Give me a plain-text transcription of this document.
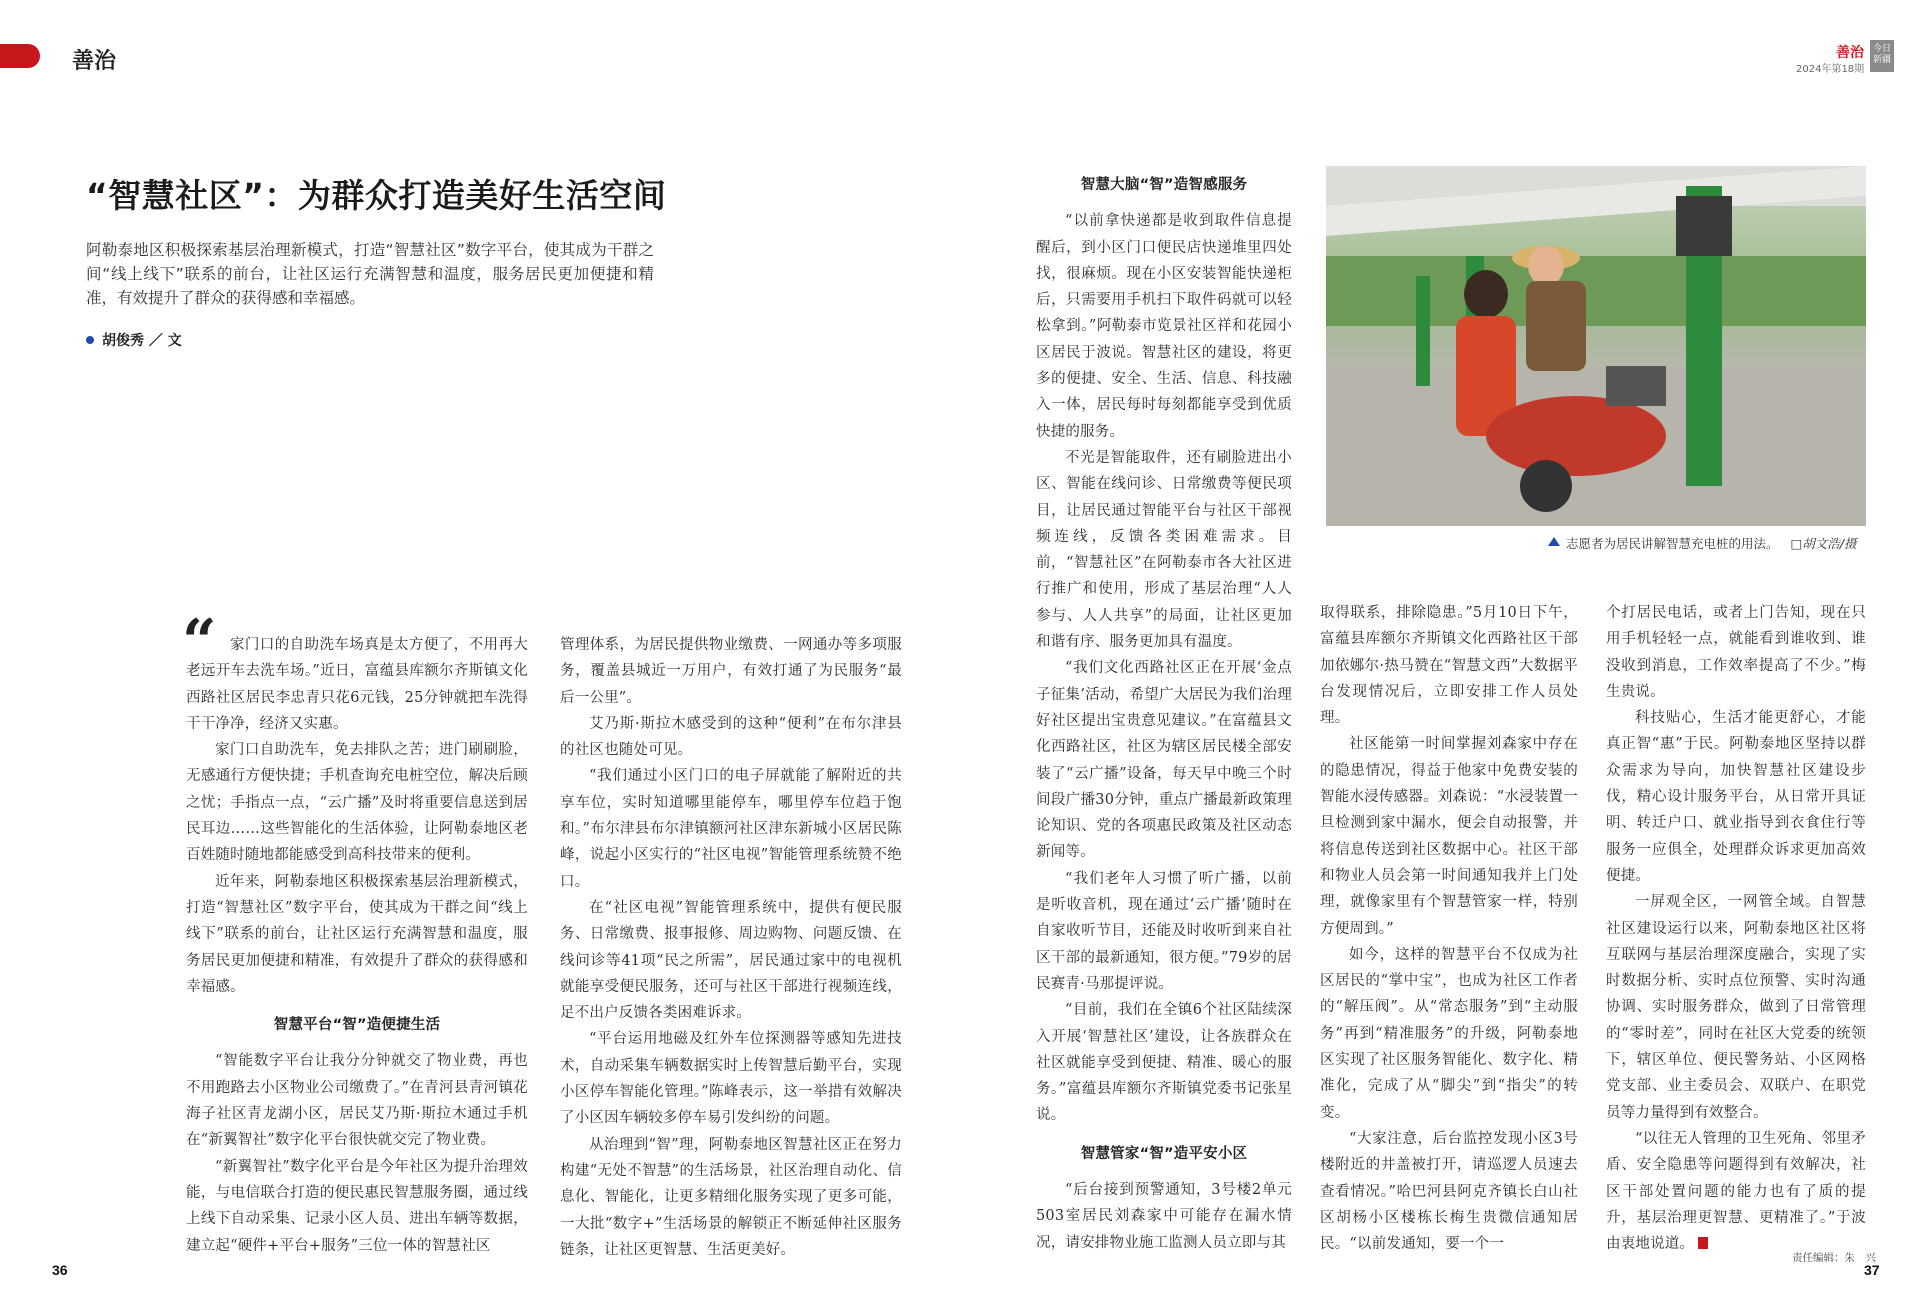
善治	善治
2024年第18期
今日新疆
“智慧社区”：为群众打造美好生活空间
阿勒泰地区积极探索基层治理新模式，打造“智慧社区”数字平台，使其成为干群之间“线上线下”联系的前台，让社区运行充满智慧和温度，服务居民更加便捷和精准，有效提升了群众的获得感和幸福感。
胡俊秀 ／ 文
“ 家门口的自助洗车场真是太方便了，不用再大老远开车去洗车场。”近日，富蕴县库额尔齐斯镇文化西路社区居民李忠青只花6元钱，25分钟就把车洗得干干净净，经济又实惠。

家门口自助洗车，免去排队之苦；进门刷刷脸，无感通行方便快捷；手机查询充电桩空位，解决后顾之忧；手指点一点，“云广播”及时将重要信息送到居民耳边……这些智能化的生活体验，让阿勒泰地区老百姓随时随地都能感受到高科技带来的便利。

近年来，阿勒泰地区积极探索基层治理新模式，打造“智慧社区”数字平台，使其成为干群之间“线上线下”联系的前台，让社区运行充满智慧和温度，服务居民更加便捷和精准，有效提升了群众的获得感和幸福感。

智慧平台“智”造便捷生活

“智能数字平台让我分分钟就交了物业费，再也不用跑路去小区物业公司缴费了。”在青河县青河镇花海子社区青龙湖小区，居民艾乃斯·斯拉木通过手机在“新翼智社”数字化平台很快就交完了物业费。

“新翼智社”数字化平台是今年社区为提升治理效能，与电信联合打造的便民惠民智慧服务圈，通过线上线下自动采集、记录小区人员、进出车辆等数据，建立起“硬件+平台+服务”三位一体的智慧社区

管理体系，为居民提供物业缴费、一网通办等多项服务，覆盖县城近一万用户，有效打通了为民服务“最后一公里”。

艾乃斯·斯拉木感受到的这种“便利”在布尔津县的社区也随处可见。

“我们通过小区门口的电子屏就能了解附近的共享车位，实时知道哪里能停车，哪里停车位趋于饱和。”布尔津县布尔津镇额河社区津东新城小区居民陈峰，说起小区实行的“社区电视”智能管理系统赞不绝口。

在“社区电视”智能管理系统中，提供有便民服务、日常缴费、报事报修、周边购物、问题反馈、在线问诊等41项“民之所需”，居民通过家中的电视机就能享受便民服务，还可与社区干部进行视频连线，足不出户反馈各类困难诉求。

“平台运用地磁及红外车位探测器等感知先进技术，自动采集车辆数据实时上传智慧后勤平台，实现小区停车智能化管理。”陈峰表示，这一举措有效解决了小区因车辆较多停车易引发纠纷的问题。

从治理到“智”理，阿勒泰地区智慧社区正在努力构建“无处不智慧”的生活场景，社区治理自动化、信息化、智能化，让更多精细化服务实现了更多可能，一大批“数字+”生活场景的解锁正不断延伸社区服务链条，让社区更智慧、生活更美好。

智慧大脑“智”造智感服务

“以前拿快递都是收到取件信息提醒后，到小区门口便民店快递堆里四处找，很麻烦。现在小区安装智能快递柜后，只需要用手机扫下取件码就可以轻松拿到。”阿勒泰市览景社区祥和花园小区居民于波说。智慧社区的建设，将更多的便捷、安全、生活、信息、科技融入一体，居民每时每刻都能享受到优质快捷的服务。

不光是智能取件，还有刷脸进出小区、智能在线问诊、日常缴费等便民项目，让居民通过智能平台与社区干部视频连线，反馈各类困难需求。目前，“智慧社区”在阿勒泰市各大社区进行推广和使用，形成了基层治理“人人参与、人人共享”的局面，让社区更加和谐有序、服务更加具有温度。

“我们文化西路社区正在开展‘金点子征集’活动，希望广大居民为我们治理好社区提出宝贵意见建议。”在富蕴县文化西路社区，社区为辖区居民楼全部安装了“云广播”设备，每天早中晚三个时间段广播30分钟，重点广播最新政策理论知识、党的各项惠民政策及社区动态新闻等。

“我们老年人习惯了听广播，以前是听收音机，现在通过‘云广播’随时在自家收听节目，还能及时收听到来自社区干部的最新通知，很方便。”79岁的居民赛青·马那提评说。

“目前，我们在全镇6个社区陆续深入开展‘智慧社区’建设，让各族群众在社区就能享受到便捷、精准、暖心的服务。”富蕴县库额尔齐斯镇党委书记张星说。

智慧管家“智”造平安小区

“后台接到预警通知，3号楼2单元503室居民刘森家中可能存在漏水情况，请安排物业施工监测人员立即与其

志愿者为居民讲解智慧充电桩的用法。 □胡文浩/摄

取得联系，排除隐患。”5月10日下午，富蕴县库额尔齐斯镇文化西路社区干部加依娜尔·热马赞在“智慧文西”大数据平台发现情况后，立即安排工作人员处理。

社区能第一时间掌握刘森家中存在的隐患情况，得益于他家中免费安装的智能水浸传感器。刘森说：“水浸装置一旦检测到家中漏水，便会自动报警，并将信息传送到社区数据中心。社区干部和物业人员会第一时间通知我并上门处理，就像家里有个智慧管家一样，特别方便周到。”

如今，这样的智慧平台不仅成为社区居民的“掌中宝”，也成为社区工作者的“解压阀”。从“常态服务”到“主动服务”再到“精准服务”的升级，阿勒泰地区实现了社区服务智能化、数字化、精准化，完成了从“脚尖”到“指尖”的转变。

“大家注意，后台监控发现小区3号楼附近的井盖被打开，请巡逻人员速去查看情况。”哈巴河县阿克齐镇长白山社区胡杨小区楼栋长梅生贵微信通知居民。“以前发通知，要一个一

个打居民电话，或者上门告知，现在只用手机轻轻一点，就能看到谁收到、谁没收到消息，工作效率提高了不少。”梅生贵说。

科技贴心，生活才能更舒心，才能真正智“惠”于民。阿勒泰地区坚持以群众需求为导向，加快智慧社区建设步伐，精心设计服务平台，从日常开具证明、转迁户口、就业指导到衣食住行等服务一应俱全，处理群众诉求更加高效便捷。

一屏观全区，一网管全域。自智慧社区建设运行以来，阿勒泰地区社区将互联网与基层治理深度融合，实现了实时数据分析、实时点位预警、实时沟通协调、实时服务群众，做到了日常管理的“零时差”，同时在社区大党委的统领下，辖区单位、便民警务站、小区网格党支部、业主委员会、双联户、在职党员等力量得到有效整合。

“以往无人管理的卫生死角、邻里矛盾、安全隐患等问题得到有效解决，社区干部处置问题的能力也有了质的提升，基层治理更智慧、更精准了。”于波由衷地说道。

责任编辑：朱　兴
36	37
